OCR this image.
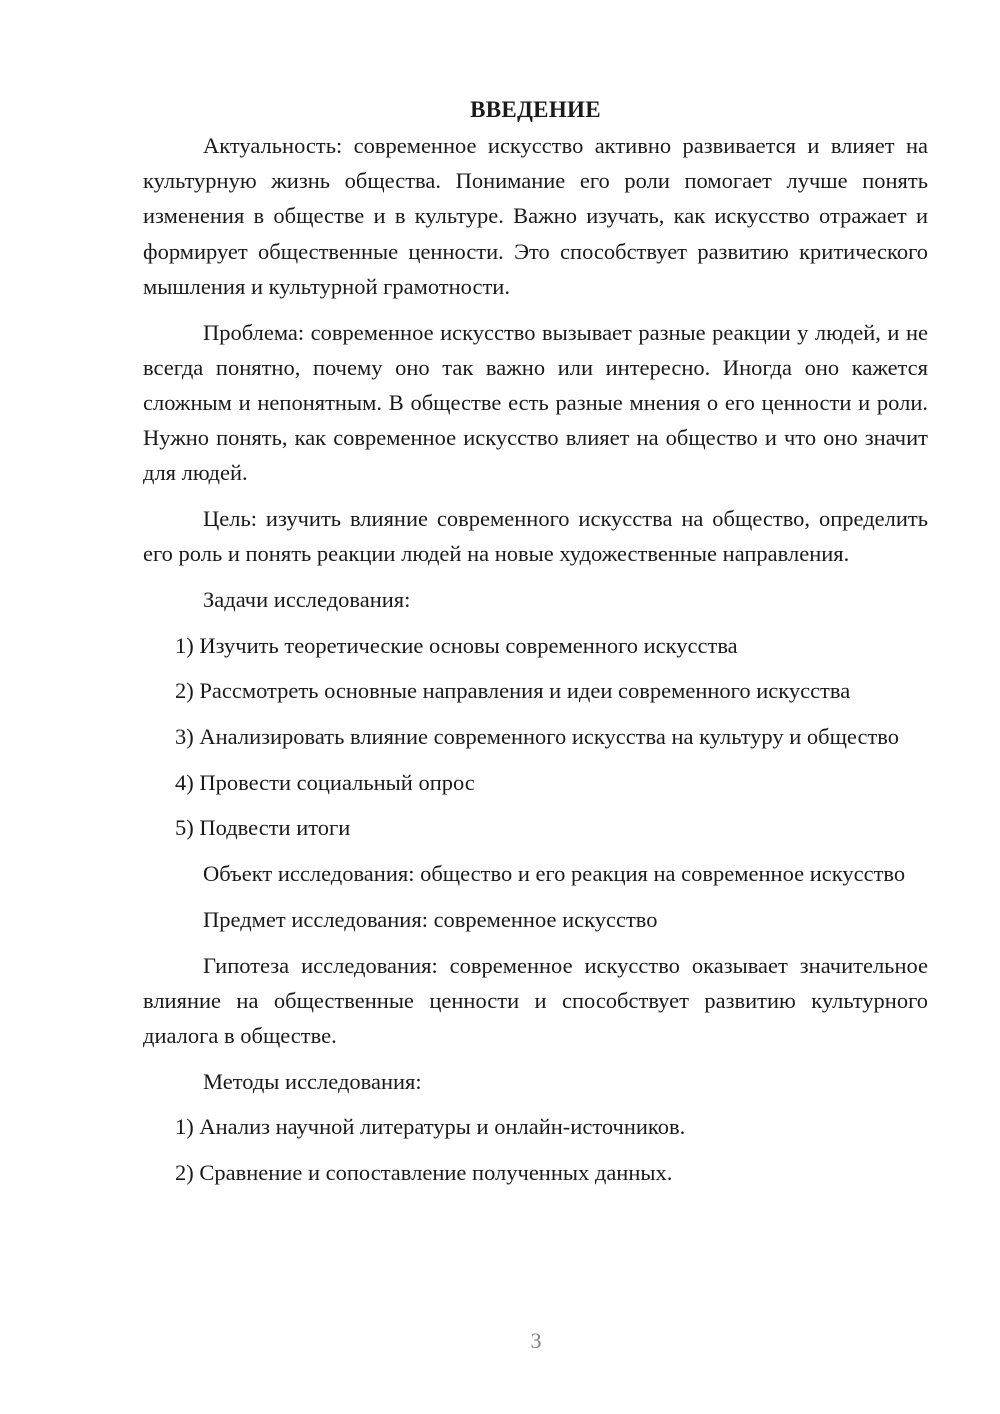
ВВЕДЕНИЕ

Актуальность: современное искусство активно развивается и влияет на культурную жизнь общества. Понимание его роли помогает лучше понять изменения в обществе и в культуре. Важно изучать, как искусство отражает и формирует общественные ценности. Это способствует развитию критического мышления и культурной грамотности.

Проблема: современное искусство вызывает разные реакции у людей, и не всегда понятно, почему оно так важно или интересно. Иногда оно кажется сложным и непонятным. В обществе есть разные мнения о его ценности и роли. Нужно понять, как современное искусство влияет на общество и что оно значит для людей.

Цель: изучить влияние современного искусства на общество, определить его роль и понять реакции людей на новые художественные направления.

Задачи исследования:

1) Изучить теоретические основы современного искусства

2) Рассмотреть основные направления и идеи современного искусства

3) Анализировать влияние современного искусства на культуру и общество

4) Провести социальный опрос

5) Подвести итоги

Объект исследования: общество и его реакция на современное искусство

Предмет исследования: современное искусство

Гипотеза исследования: современное искусство оказывает значительное влияние на общественные ценности и способствует развитию культурного диалога в обществе.

Методы исследования:

1) Анализ научной литературы и онлайн-источников.

2) Сравнение и сопоставление полученных данных.

3
